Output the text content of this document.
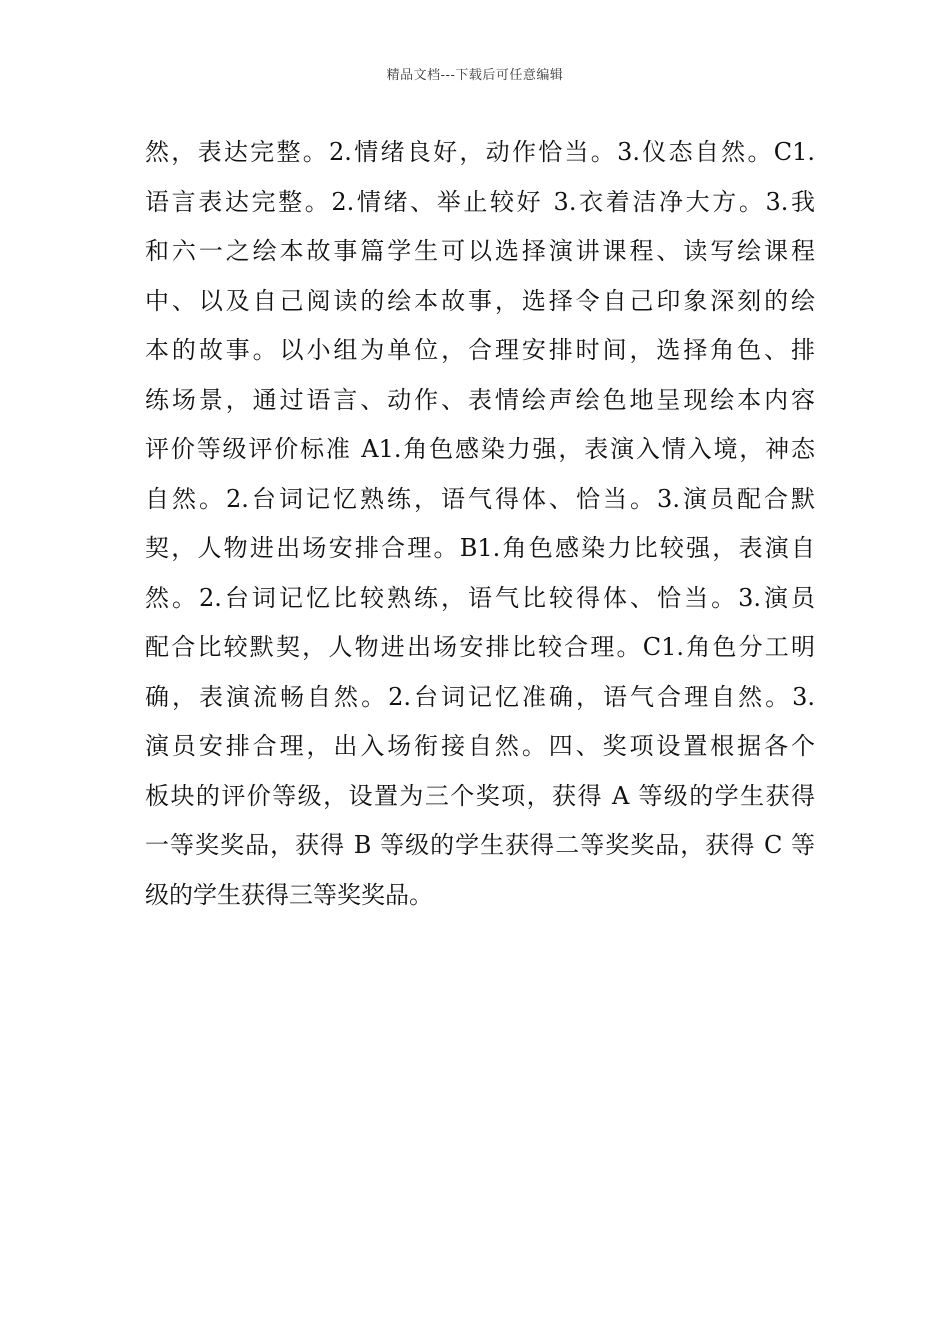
精品文档---下载后可任意编辑
然，表达完整。2.情绪良好，动作恰当。3.仪态自然。C1.
语言表达完整。2.情绪、举止较好 3.衣着洁净大方。3.我
和六一之绘本故事篇学生可以选择演讲课程、读写绘课程
中、以及自己阅读的绘本故事，选择令自己印象深刻的绘
本的故事。以小组为单位，合理安排时间，选择角色、排
练场景，通过语言、动作、表情绘声绘色地呈现绘本内容
评价等级评价标准 A1.角色感染力强，表演入情入境，神态
自然。2.台词记忆熟练，语气得体、恰当。3.演员配合默
契，人物进出场安排合理。B1.角色感染力比较强，表演自
然。2.台词记忆比较熟练，语气比较得体、恰当。3.演员
配合比较默契，人物进出场安排比较合理。C1.角色分工明
确，表演流畅自然。2.台词记忆准确，语气合理自然。3.
演员安排合理，出入场衔接自然。四、奖项设置根据各个
板块的评价等级，设置为三个奖项，获得 A 等级的学生获得
一等奖奖品，获得 B 等级的学生获得二等奖奖品，获得 C 等
级的学生获得三等奖奖品。
